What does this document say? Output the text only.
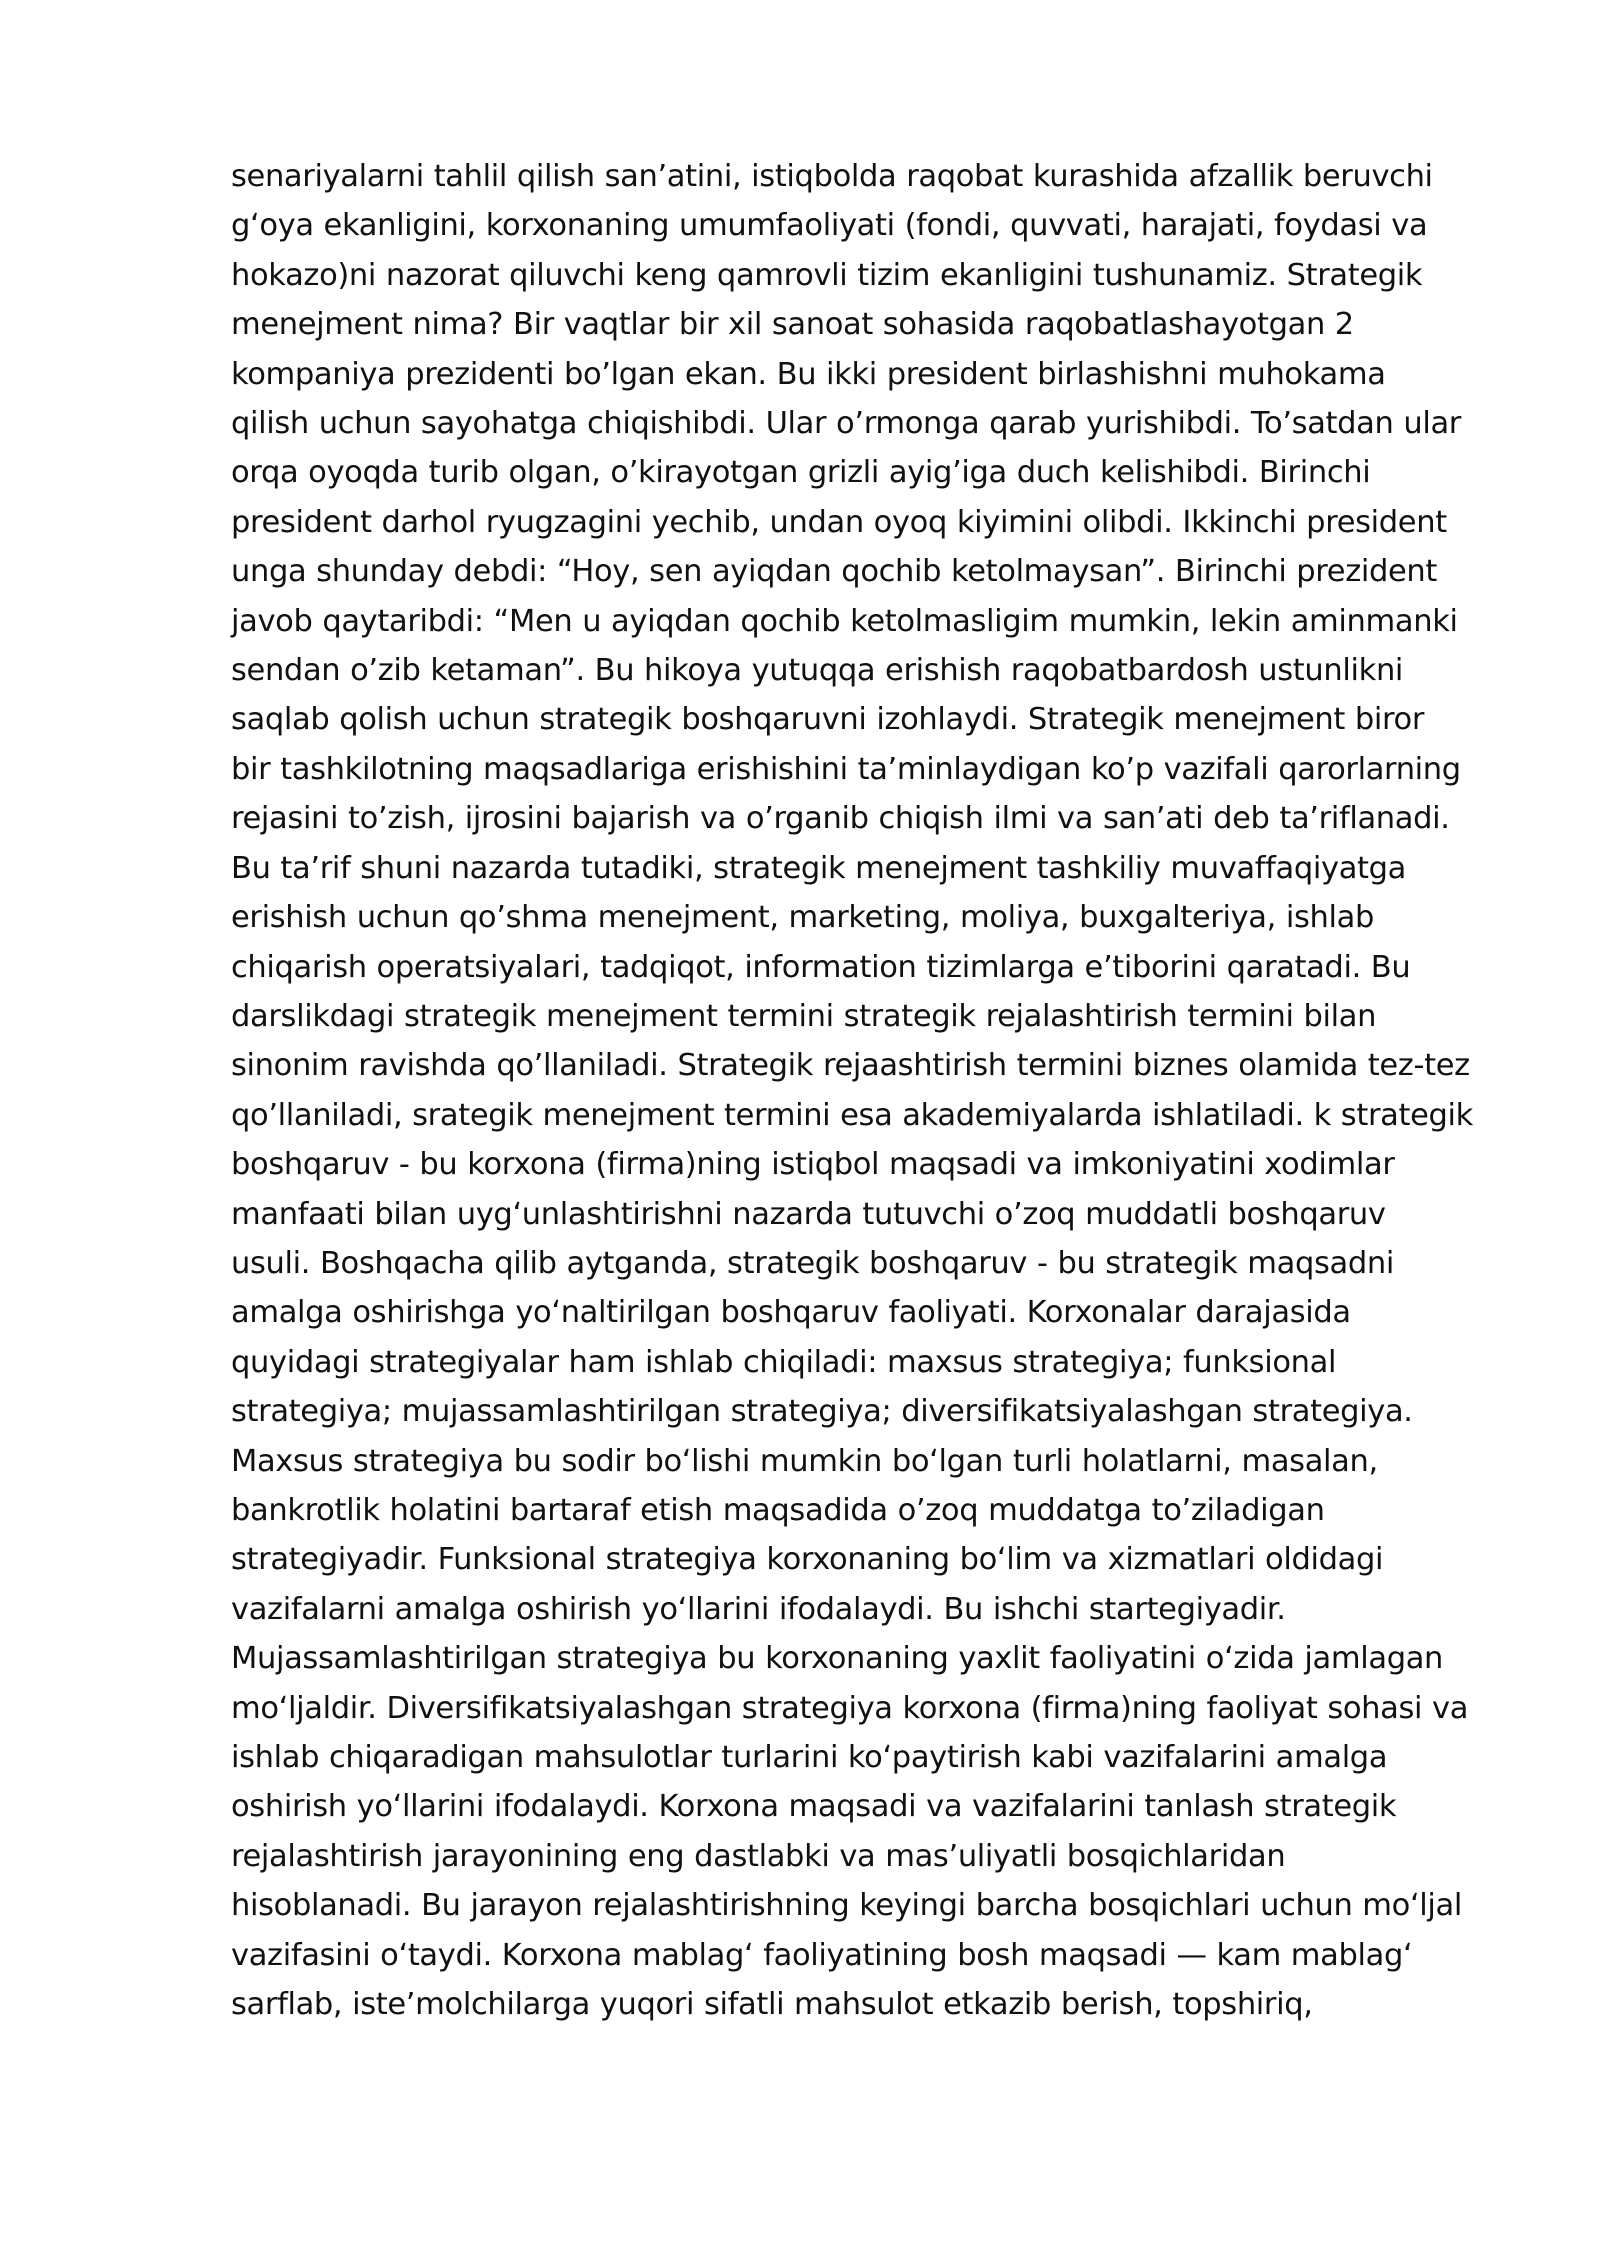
senariyalarni tahlil qilish san’atini, istiqbolda raqobat kurashida afzallik beruvchi
g‘oya ekanligini, korxonaning umumfaoliyati (fondi, quvvati, harajati, foydasi va
hokazo)ni nazorat qiluvchi keng qamrovli tizim ekanligini tushunamiz. Strategik
menejment nima? Bir vaqtlar bir xil sanoat sohasida raqobatlashayotgan 2
kompaniya prezidenti bo’lgan ekan. Bu ikki president birlashishni muhokama
qilish uchun sayohatga chiqishibdi. Ular o’rmonga qarab yurishibdi. To’satdan ular
orqa oyoqda turib olgan, o’kirayotgan grizli ayig’iga duch kelishibdi. Birinchi
president darhol ryugzagini yechib, undan oyoq kiyimini olibdi. Ikkinchi president
unga shunday debdi: “Hoy, sen ayiqdan qochib ketolmaysan”. Birinchi prezident
javob qaytaribdi: “Men u ayiqdan qochib ketolmasligim mumkin, lekin aminmanki
sendan o’zib ketaman”. Bu hikoya yutuqqa erishish raqobatbardosh ustunlikni
saqlab qolish uchun strategik boshqaruvni izohlaydi. Strategik menejment biror
bir tashkilotning maqsadlariga erishishini ta’minlaydigan ko’p vazifali qarorlarning
rejasini to’zish, ijrosini bajarish va o’rganib chiqish ilmi va san’ati deb ta’riflanadi.
Bu ta’rif shuni nazarda tutadiki, strategik menejment tashkiliy muvaffaqiyatga
erishish uchun qo’shma menejment, marketing, moliya, buxgalteriya, ishlab
chiqarish operatsiyalari, tadqiqot, information tizimlarga e’tiborini qaratadi. Bu
darslikdagi strategik menejment termini strategik rejalashtirish termini bilan
sinonim ravishda qo’llaniladi. Strategik rejaashtirish termini biznes olamida tez-tez
qo’llaniladi, srategik menejment termini esa akademiyalarda ishlatiladi. k strategik
boshqaruv - bu korxona (firma)ning istiqbol maqsadi va imkoniyatini xodimlar
manfaati bilan uyg‘unlashtirishni nazarda tutuvchi o’zoq muddatli boshqaruv
usuli. Boshqacha qilib aytganda, strategik boshqaruv - bu strategik maqsadni
amalga oshirishga yo‘naltirilgan boshqaruv faoliyati. Korxonalar darajasida
quyidagi strategiyalar ham ishlab chiqiladi: maxsus strategiya; funksional
strategiya; mujassamlashtirilgan strategiya; diversifikatsiyalashgan strategiya.
Maxsus strategiya bu sodir bo‘lishi mumkin bo‘lgan turli holatlarni, masalan,
bankrotlik holatini bartaraf etish maqsadida o’zoq muddatga to’ziladigan
strategiyadir. Funksional strategiya korxonaning bo‘lim va xizmatlari oldidagi
vazifalarni amalga oshirish yo‘llarini ifodalaydi. Bu ishchi startegiyadir.
Mujassamlashtirilgan strategiya bu korxonaning yaxlit faoliyatini o‘zida jamlagan
mo‘ljaldir. Diversifikatsiyalashgan strategiya korxona (firma)ning faoliyat sohasi va
ishlab chiqaradigan mahsulotlar turlarini ko‘paytirish kabi vazifalarini amalga
oshirish yo‘llarini ifodalaydi. Korxona maqsadi va vazifalarini tanlash strategik
rejalashtirish jarayonining eng dastlabki va mas’uliyatli bosqichlaridan
hisoblanadi. Bu jarayon rejalashtirishning keyingi barcha bosqichlari uchun mo‘ljal
vazifasini o‘taydi. Korxona mablag‘ faoliyatining bosh maqsadi — kam mablag‘
sarflab, iste’molchilarga yuqori sifatli mahsulot etkazib berish, topshiriq,
